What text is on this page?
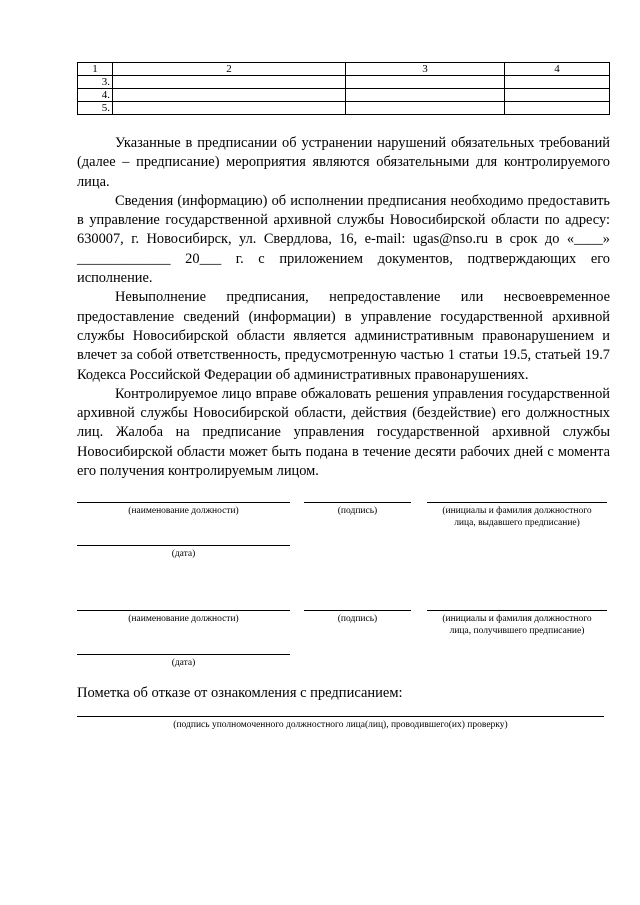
1	2	3	4
3.			
4.			
5.			

Указанные в предписании об устранении нарушений обязательных требований (далее – предписание) мероприятия являются обязательными для контролируемого лица.

Сведения (информацию) об исполнении предписания необходимо предоставить в управление государственной архивной службы Новосибирской области по адресу: 630007, г. Новосибирск, ул. Свердлова, 16, e-mail: ugas@nso.ru в срок до «____» _____________ 20___ г. с приложением документов, подтверждающих его исполнение.

Невыполнение предписания, непредоставление или несвоевременное предоставление сведений (информации) в управление государственной архивной службы Новосибирской области является административным правонарушением и влечет за собой ответственность, предусмотренную частью 1 статьи 19.5, статьей 19.7 Кодекса Российской Федерации об административных правонарушениях.

Контролируемое лицо вправе обжаловать решения управления государственной архивной службы Новосибирской области, действия (бездействие) его должностных лиц. Жалоба на предписание управления государственной архивной службы Новосибирской области может быть подана в течение десяти рабочих дней с момента его получения контролируемым лицом.

(наименование должности)	(подпись)	(инициалы и фамилия должностного
лица, выдавшего предписание)
(дата)
(наименование должности)	(подпись)	(инициалы и фамилия должностного
лица, получившего предписание)
(дата)
Пометка об отказе от ознакомления с предписанием:
(подпись уполномоченного должностного лица(лиц), проводившего(их) проверку)
